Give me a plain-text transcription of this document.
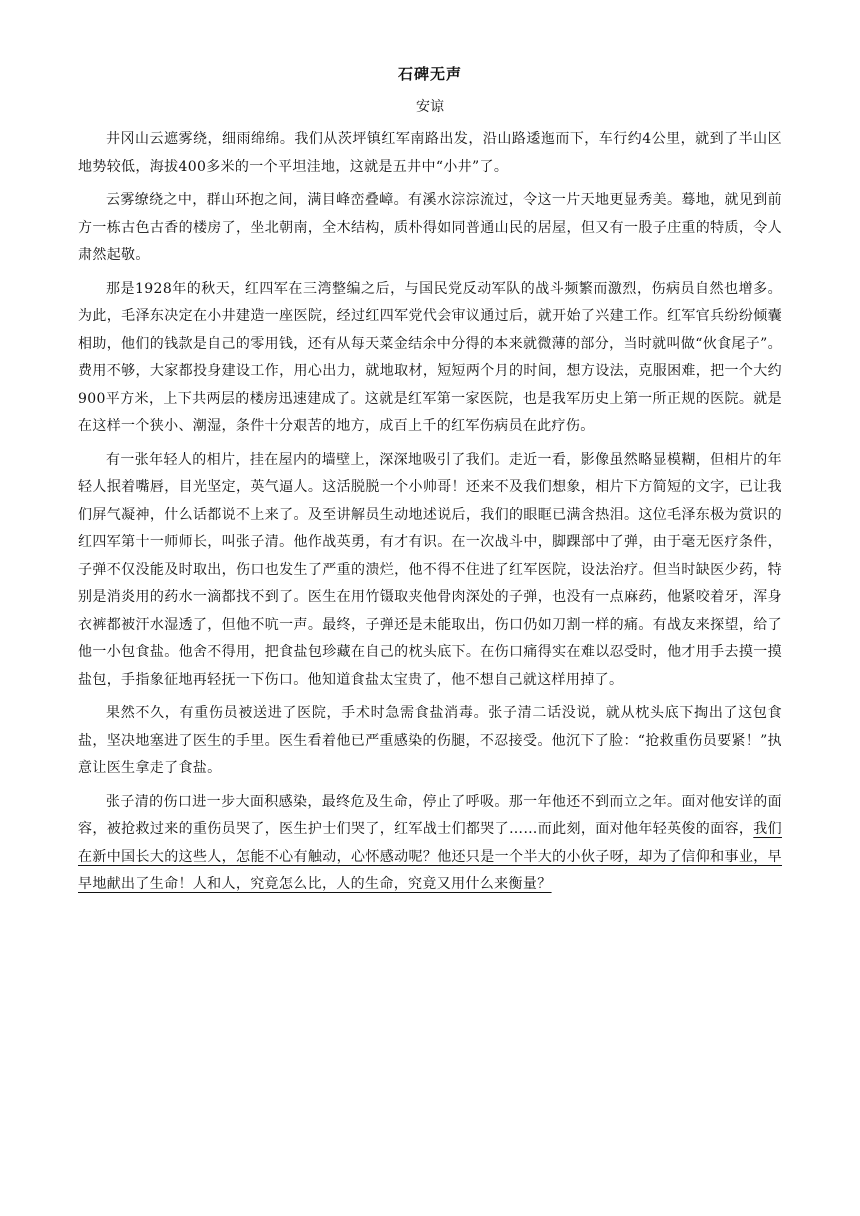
石碑无声
安谅

井冈山云遮雾绕，细雨绵绵。我们从茨坪镇红军南路出发，沿山路逶迤而下，车行约4公里，就到了半山区地势较低，海拔400多米的一个平坦洼地，这就是五井中“小井”了。

云雾缭绕之中，群山环抱之间，满目峰峦叠嶂。有溪水淙淙流过，令这一片天地更显秀美。蓦地，就见到前方一栋古色古香的楼房了，坐北朝南，全木结构，质朴得如同普通山民的居屋，但又有一股子庄重的特质，令人肃然起敬。

那是1928年的秋天，红四军在三湾整编之后，与国民党反动军队的战斗频繁而激烈，伤病员自然也增多。为此，毛泽东决定在小井建造一座医院，经过红四军党代会审议通过后，就开始了兴建工作。红军官兵纷纷倾囊相助，他们的钱款是自己的零用钱，还有从每天菜金结余中分得的本来就微薄的部分，当时就叫做“伙食尾子”。费用不够，大家都投身建设工作，用心出力，就地取材，短短两个月的时间，想方设法，克服困难，把一个大约900平方米，上下共两层的楼房迅速建成了。这就是红军第一家医院，也是我军历史上第一所正规的医院。就是在这样一个狭小、潮湿，条件十分艰苦的地方，成百上千的红军伤病员在此疗伤。

有一张年轻人的相片，挂在屋内的墙壁上，深深地吸引了我们。走近一看，影像虽然略显模糊，但相片的年轻人抿着嘴唇，目光坚定，英气逼人。这活脱脱一个小帅哥！还来不及我们想象，相片下方简短的文字，已让我们屏气凝神，什么话都说不上来了。及至讲解员生动地述说后，我们的眼眶已满含热泪。这位毛泽东极为赏识的红四军第十一师师长，叫张子清。他作战英勇，有才有识。在一次战斗中，脚踝部中了弹，由于毫无医疗条件，子弹不仅没能及时取出，伤口也发生了严重的溃烂，他不得不住进了红军医院，设法治疗。但当时缺医少药，特别是消炎用的药水一滴都找不到了。医生在用竹镊取夹他骨肉深处的子弹，也没有一点麻药，他紧咬着牙，浑身衣裤都被汗水湿透了，但他不吭一声。最终，子弹还是未能取出，伤口仍如刀割一样的痛。有战友来探望，给了他一小包食盐。他舍不得用，把食盐包珍藏在自己的枕头底下。在伤口痛得实在难以忍受时，他才用手去摸一摸盐包，手指象征地再轻抚一下伤口。他知道食盐太宝贵了，他不想自己就这样用掉了。

果然不久，有重伤员被送进了医院，手术时急需食盐消毒。张子清二话没说，就从枕头底下掏出了这包食盐，坚决地塞进了医生的手里。医生看着他已严重感染的伤腿，不忍接受。他沉下了脸：“抢救重伤员要紧！”执意让医生拿走了食盐。

张子清的伤口进一步大面积感染，最终危及生命，停止了呼吸。那一年他还不到而立之年。面对他安详的面容，被抢救过来的重伤员哭了，医生护士们哭了，红军战士们都哭了……而此刻，面对他年轻英俊的面容，我们在新中国长大的这些人，怎能不心有触动，心怀感动呢？他还只是一个半大的小伙子呀，却为了信仰和事业，早早地献出了生命！人和人，究竟怎么比，人的生命，究竟又用什么来衡量？
